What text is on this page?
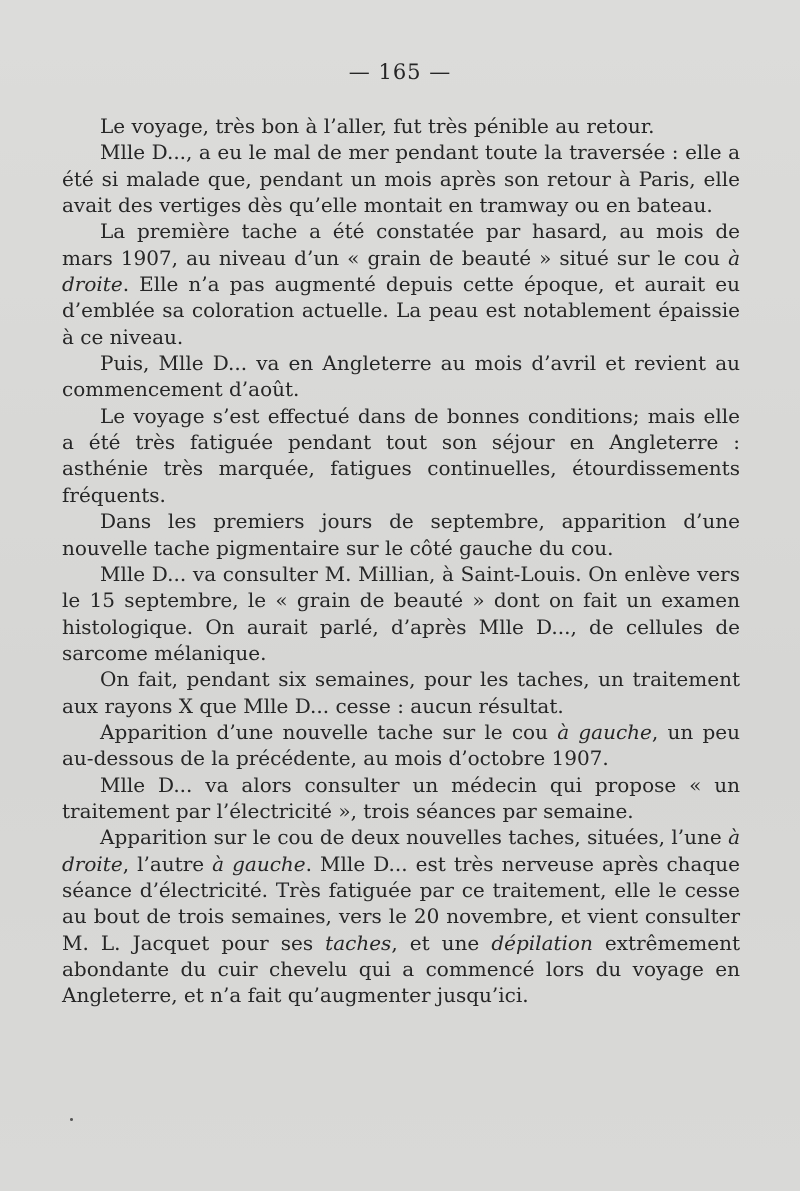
— 165 —

Le voyage, très bon à l’aller, fut très pénible au retour.

Mlle D..., a eu le mal de mer pendant toute la traversée : elle a été si malade que, pendant un mois après son retour à Paris, elle avait des vertiges dès qu’elle montait en tramway ou en bateau.

La première tache a été constatée par hasard, au mois de mars 1907, au niveau d’un « grain de beauté » situé sur le cou à droite. Elle n’a pas augmenté depuis cette époque, et aurait eu d’emblée sa coloration actuelle. La peau est notablement épaissie à ce niveau.

Puis, Mlle D... va en Angleterre au mois d’avril et revient au commencement d’août.

Le voyage s’est effectué dans de bonnes conditions; mais elle a été très fatiguée pendant tout son séjour en Angleterre : asthénie très marquée, fatigues continuelles, étourdissements fréquents.

Dans les premiers jours de septembre, apparition d’une nouvelle tache pigmentaire sur le côté gauche du cou.

Mlle D... va consulter M. Millian, à Saint-Louis. On enlève vers le 15 septembre, le « grain de beauté » dont on fait un examen histologique. On aurait parlé, d’après Mlle D..., de cellules de sarcome mélanique.

On fait, pendant six semaines, pour les taches, un traitement aux rayons X que Mlle D... cesse : aucun résultat.

Apparition d’une nouvelle tache sur le cou à gauche, un peu au-dessous de la précédente, au mois d’octobre 1907.

Mlle D... va alors consulter un médecin qui propose « un traitement par l’électricité », trois séances par semaine.

Apparition sur le cou de deux nouvelles taches, situées, l’une à droite, l’autre à gauche. Mlle D... est très nerveuse après chaque séance d’électricité. Très fatiguée par ce traitement, elle le cesse au bout de trois semaines, vers le 20 novembre, et vient consulter M. L. Jacquet pour ses taches, et une dépilation extrêmement abondante du cuir chevelu qui a commencé lors du voyage en Angleterre, et n’a fait qu’augmenter jusqu’ici.
